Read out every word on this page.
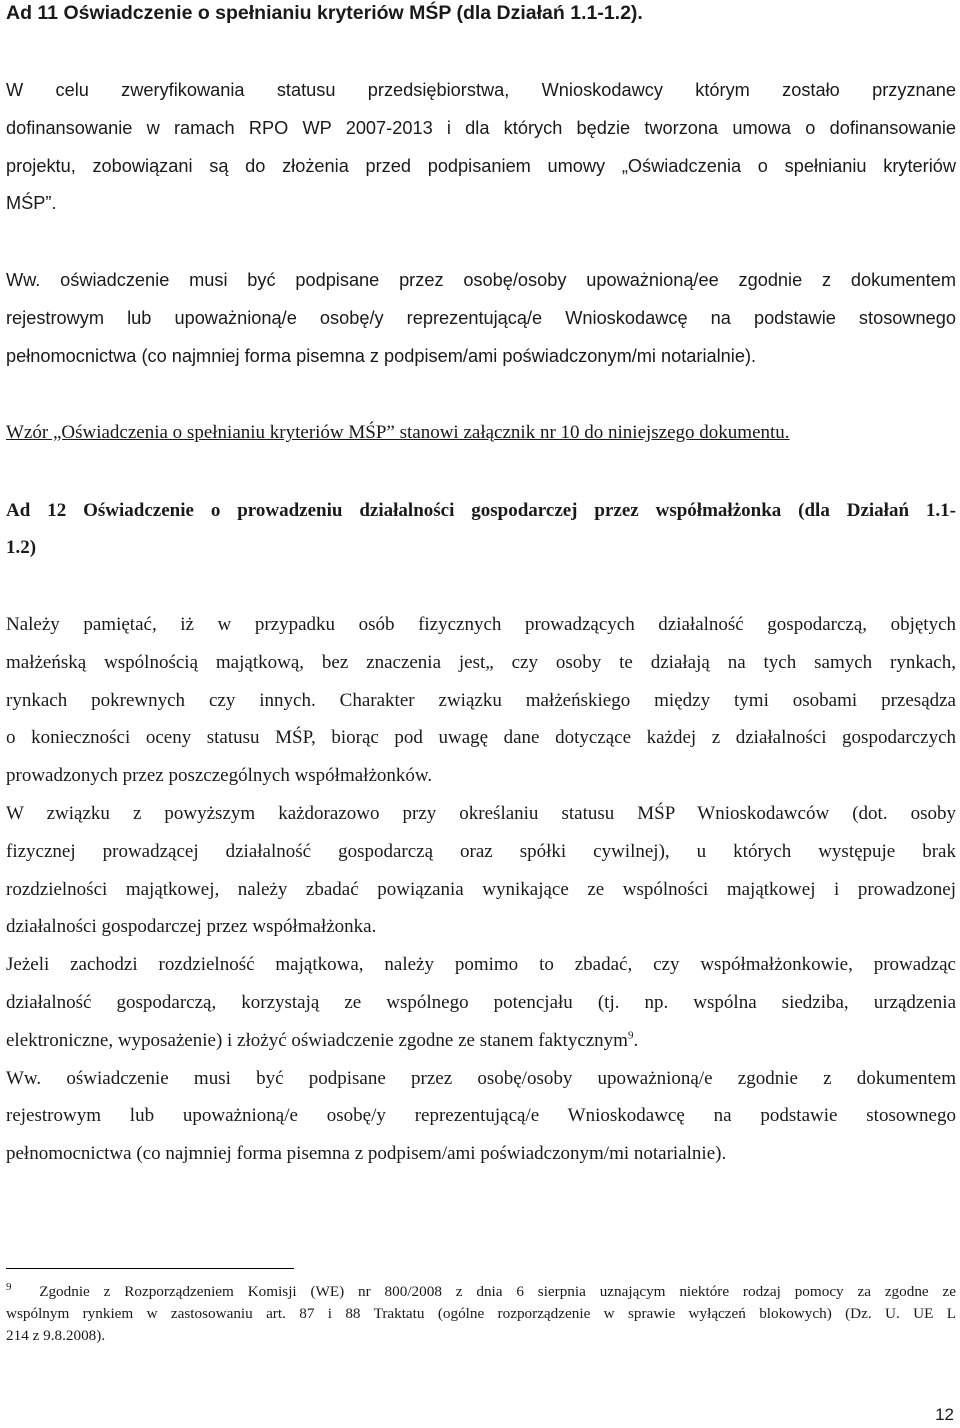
Ad 11 Oświadczenie o spełnianiu kryteriów MŚP (dla Działań 1.1-1.2).
W celu zweryfikowania statusu przedsiębiorstwa, Wnioskodawcy którym zostało przyznane
dofinansowanie w ramach RPO WP 2007-2013 i dla których będzie tworzona umowa o dofinansowanie
projektu, zobowiązani są do złożenia przed podpisaniem umowy „Oświadczenia o spełnianiu kryteriów
MŚP”.
Ww. oświadczenie musi być podpisane przez osobę/osoby upoważnioną/ee zgodnie z dokumentem
rejestrowym lub upoważnioną/e osobę/y reprezentującą/e Wnioskodawcę na podstawie stosownego
pełnomocnictwa (co najmniej forma pisemna z podpisem/ami poświadczonym/mi notarialnie).
Wzór „Oświadczenia o spełnianiu kryteriów MŚP” stanowi załącznik nr 10 do niniejszego dokumentu.
Ad 12 Oświadczenie o prowadzeniu działalności gospodarczej przez współmałżonka (dla Działań 1.1-
1.2)
Należy pamiętać, iż w przypadku osób fizycznych prowadzących działalność gospodarczą, objętych
małżeńską wspólnością majątkową, bez znaczenia jest„ czy osoby te działają na tych samych rynkach,
rynkach pokrewnych czy innych. Charakter związku małżeńskiego między tymi osobami przesądza
o konieczności oceny statusu MŚP, biorąc pod uwagę dane dotyczące każdej z działalności gospodarczych
prowadzonych przez poszczególnych współmałżonków.
W związku z powyższym każdorazowo przy określaniu statusu MŚP Wnioskodawców (dot. osoby
fizycznej prowadzącej działalność gospodarczą oraz spółki cywilnej), u których występuje brak
rozdzielności majątkowej, należy zbadać powiązania wynikające ze wspólności majątkowej i prowadzonej
działalności gospodarczej przez współmałżonka.
Jeżeli zachodzi rozdzielność majątkowa, należy pomimo to zbadać, czy współmałżonkowie, prowadząc
działalność gospodarczą, korzystają ze wspólnego potencjału (tj. np. wspólna siedziba, urządzenia
elektroniczne, wyposażenie) i złożyć oświadczenie zgodne ze stanem faktycznym$^9$.
Ww. oświadczenie musi być podpisane przez osobę/osoby upoważnioną/e zgodnie z dokumentem
rejestrowym lub upoważnioną/e osobę/y reprezentującą/e Wnioskodawcę na podstawie stosownego
pełnomocnictwa (co najmniej forma pisemna z podpisem/ami poświadczonym/mi notarialnie).
$^9$ Zgodnie z Rozporządzeniem Komisji (WE) nr 800/2008 z dnia 6 sierpnia uznającym niektóre rodzaj pomocy za zgodne ze
wspólnym rynkiem w zastosowaniu art. 87 i 88 Traktatu (ogólne rozporządzenie w sprawie wyłączeń blokowych) (Dz. U. UE L
214 z 9.8.2008).
12
